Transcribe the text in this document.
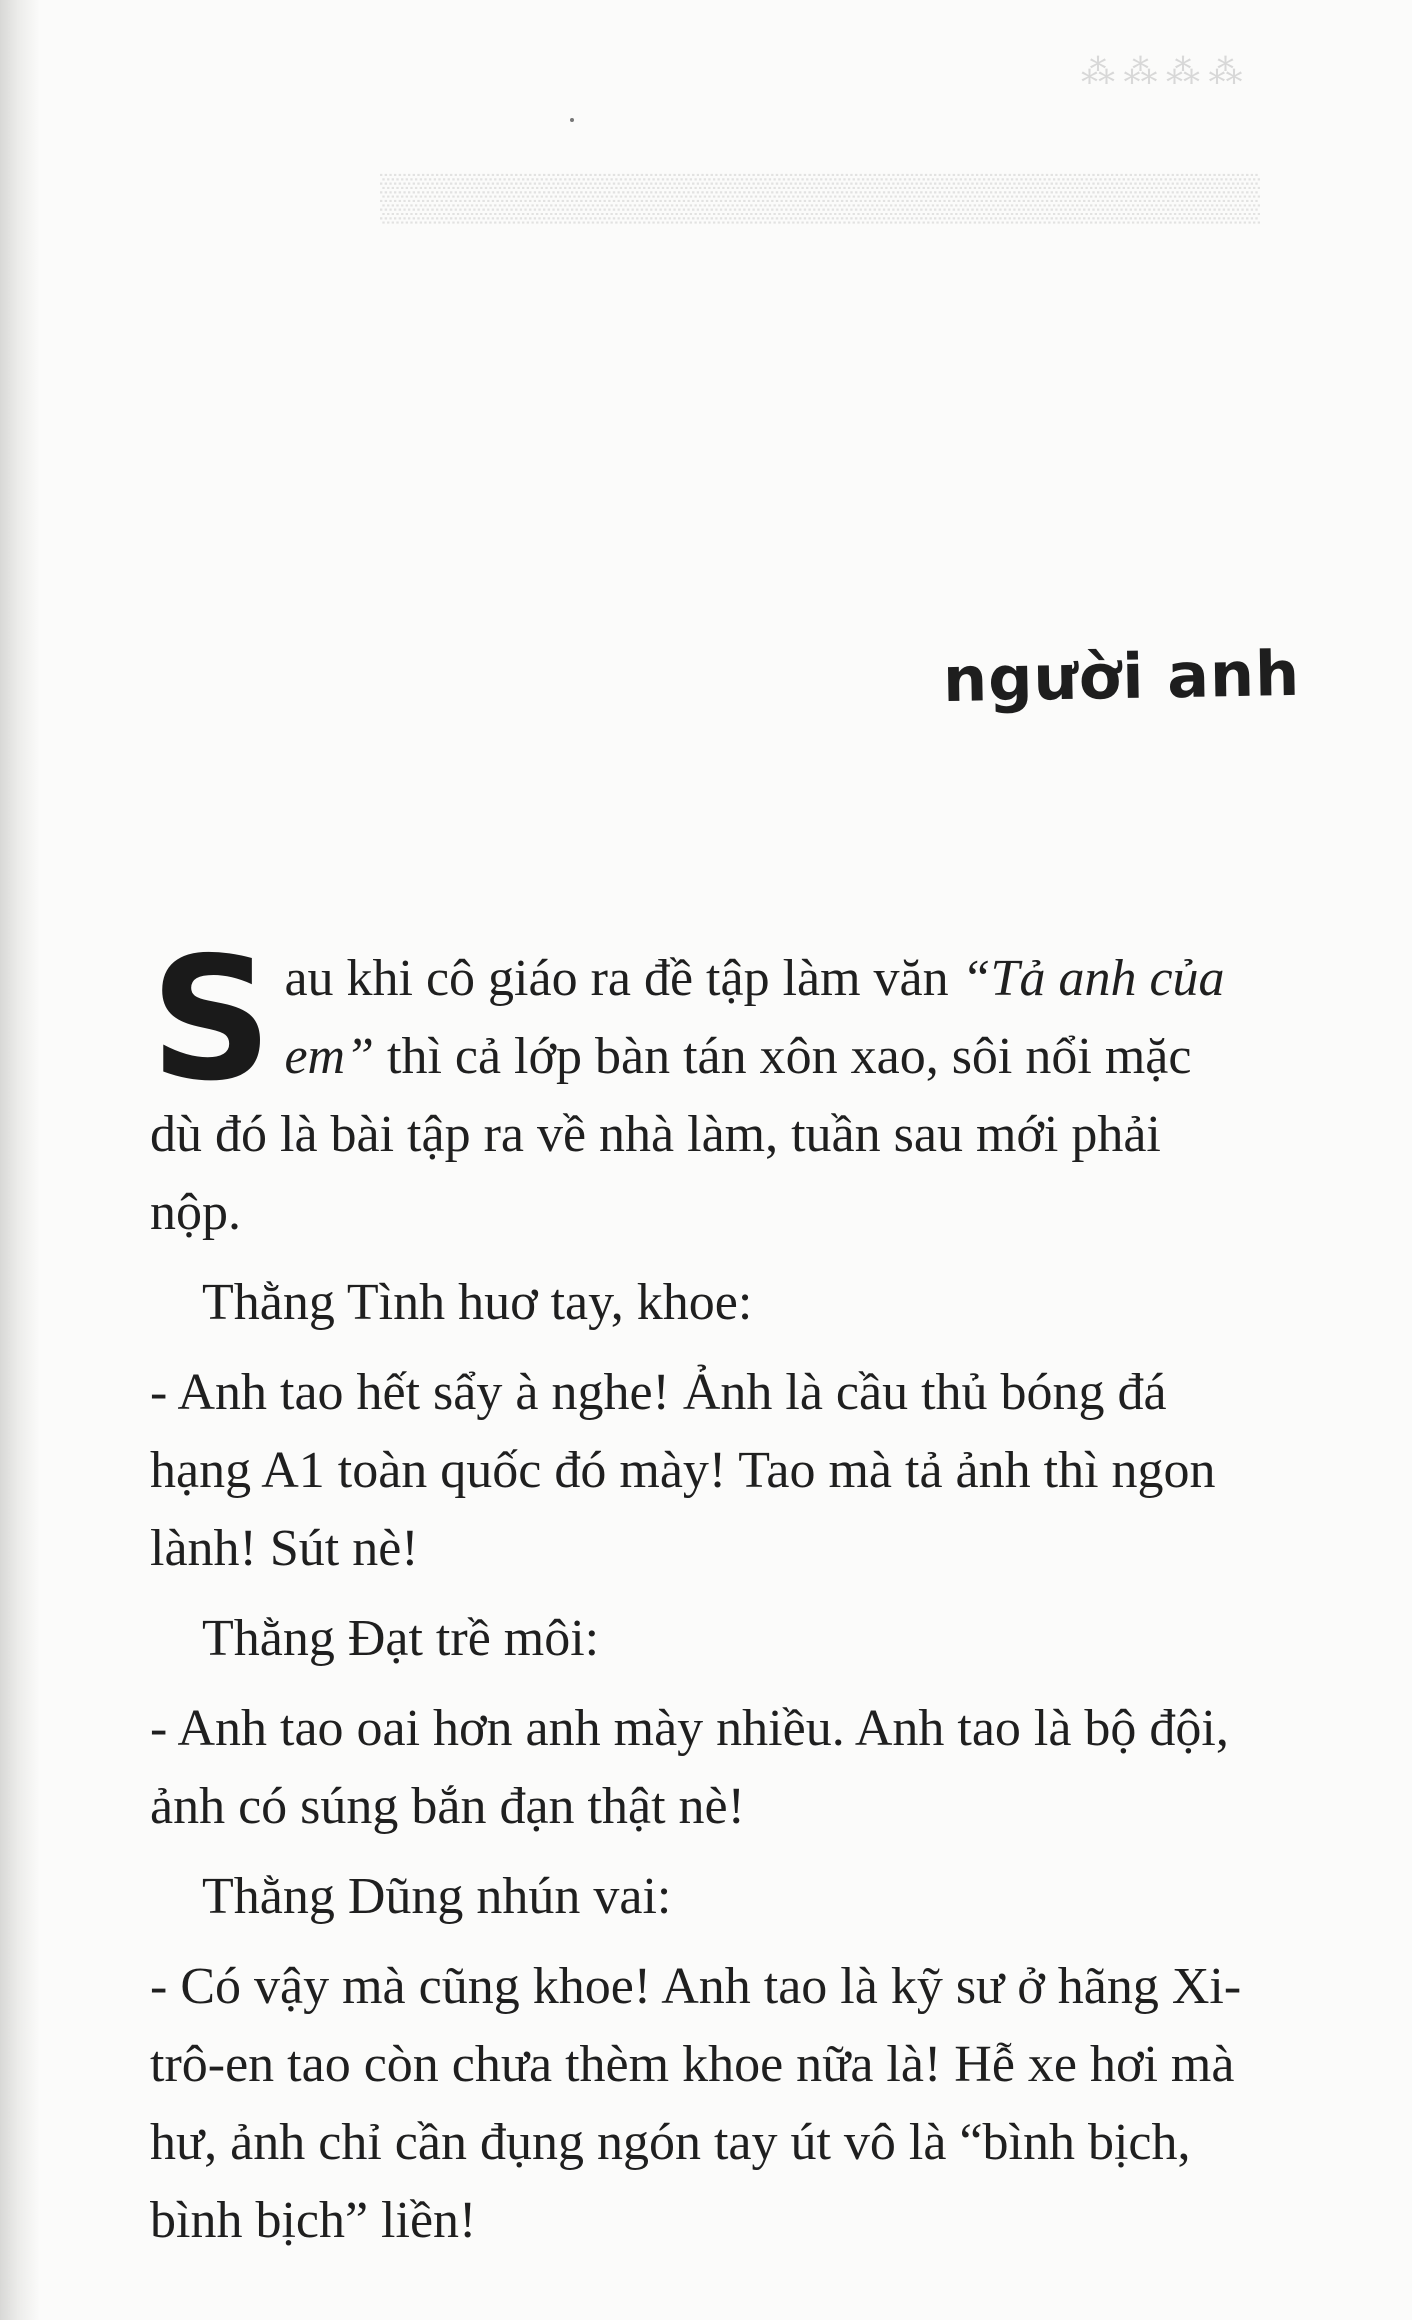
⁂ ⁂ ⁂ ⁂
▒▒▒▒▒▒▒▒▒▒▒▒▒▒▒▒▒▒▒▒▒▒▒▒▒▒▒
người anh

Sau khi cô giáo ra đề tập làm văn “Tả anh của em” thì cả lớp bàn tán xôn xao, sôi nổi mặc dù đó là bài tập ra về nhà làm, tuần sau mới phải nộp.

Thằng Tình huơ tay, khoe:

- Anh tao hết sẩy à nghe! Ảnh là cầu thủ bóng đá hạng A1 toàn quốc đó mày! Tao mà tả ảnh thì ngon lành! Sút nè!

Thằng Đạt trề môi:

- Anh tao oai hơn anh mày nhiều. Anh tao là bộ đội, ảnh có súng bắn đạn thật nè!

Thằng Dũng nhún vai:

- Có vậy mà cũng khoe! Anh tao là kỹ sư ở hãng Xi-trô-en tao còn chưa thèm khoe nữa là! Hễ xe hơi mà hư, ảnh chỉ cần đụng ngón tay út vô là “bình bịch, bình bịch” liền!
